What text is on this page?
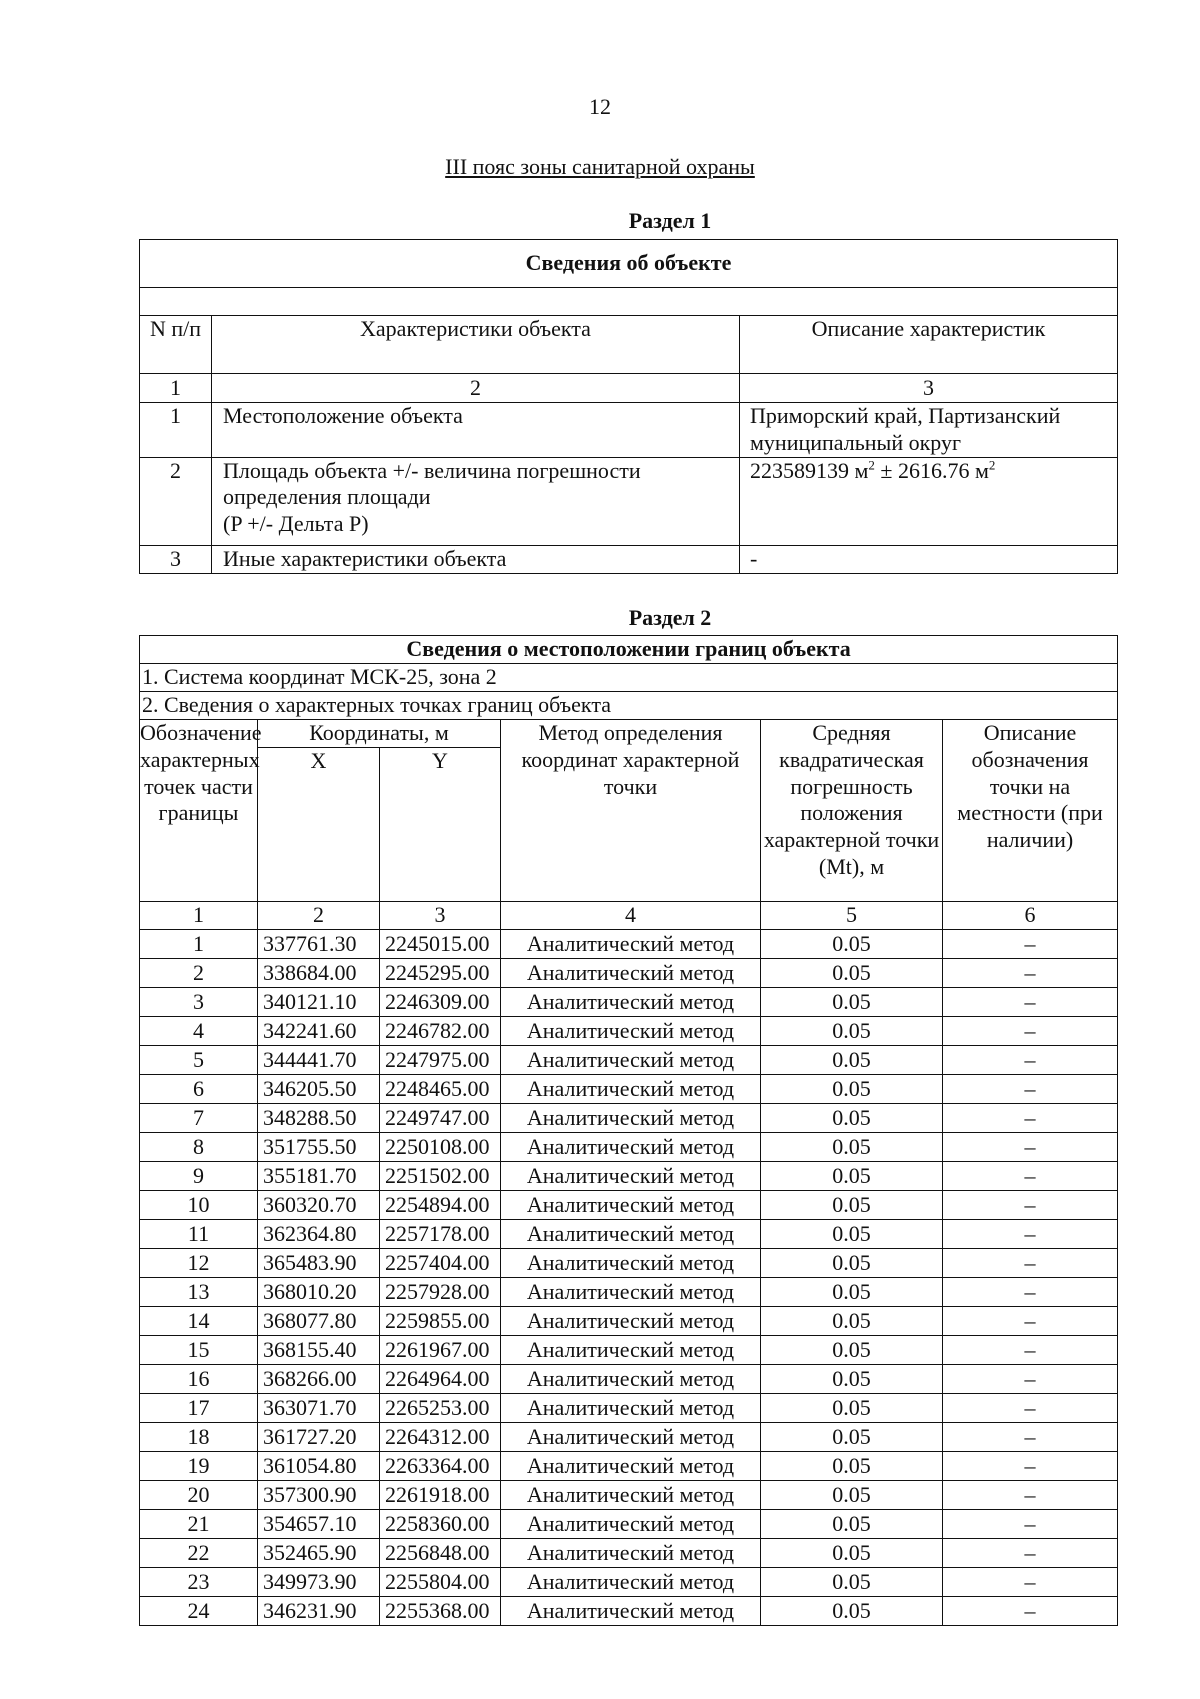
12
III пояс зоны санитарной охраны
Раздел 1
Сведения об объекте		

N п/п	Характеристики объекта	Описание характеристик
1	2	3
1	Местоположение объекта	Приморский край, Партизанский муниципальный округ
2	Площадь объекта +/- величина погрешности
определения площади
(P +/- Дельта P)	223589139 $м^2 \pm 2616.76$ $м^2$
3	Иные характеристики объекта	-
Раздел 2
Сведения о местоположении границ объекта					
1. Система координат МСК-25, зона 2					
2. Сведения о характерных точках границ объекта					
Обозначение характерных точек части границы	Координаты, м		Метод определения координат характерной точки	Средняя квадратическая погрешность положения характерной точки (Mt), м	Описание обозначения точки на местности (при наличии)
	X	Y			
1	2	3	4	5	6
1	337761.30	2245015.00	Аналитический метод	0.05	–
2	338684.00	2245295.00	Аналитический метод	0.05	–
3	340121.10	2246309.00	Аналитический метод	0.05	–
4	342241.60	2246782.00	Аналитический метод	0.05	–
5	344441.70	2247975.00	Аналитический метод	0.05	–
6	346205.50	2248465.00	Аналитический метод	0.05	–
7	348288.50	2249747.00	Аналитический метод	0.05	–
8	351755.50	2250108.00	Аналитический метод	0.05	–
9	355181.70	2251502.00	Аналитический метод	0.05	–
10	360320.70	2254894.00	Аналитический метод	0.05	–
11	362364.80	2257178.00	Аналитический метод	0.05	–
12	365483.90	2257404.00	Аналитический метод	0.05	–
13	368010.20	2257928.00	Аналитический метод	0.05	–
14	368077.80	2259855.00	Аналитический метод	0.05	–
15	368155.40	2261967.00	Аналитический метод	0.05	–
16	368266.00	2264964.00	Аналитический метод	0.05	–
17	363071.70	2265253.00	Аналитический метод	0.05	–
18	361727.20	2264312.00	Аналитический метод	0.05	–
19	361054.80	2263364.00	Аналитический метод	0.05	–
20	357300.90	2261918.00	Аналитический метод	0.05	–
21	354657.10	2258360.00	Аналитический метод	0.05	–
22	352465.90	2256848.00	Аналитический метод	0.05	–
23	349973.90	2255804.00	Аналитический метод	0.05	–
24	346231.90	2255368.00	Аналитический метод	0.05	–
